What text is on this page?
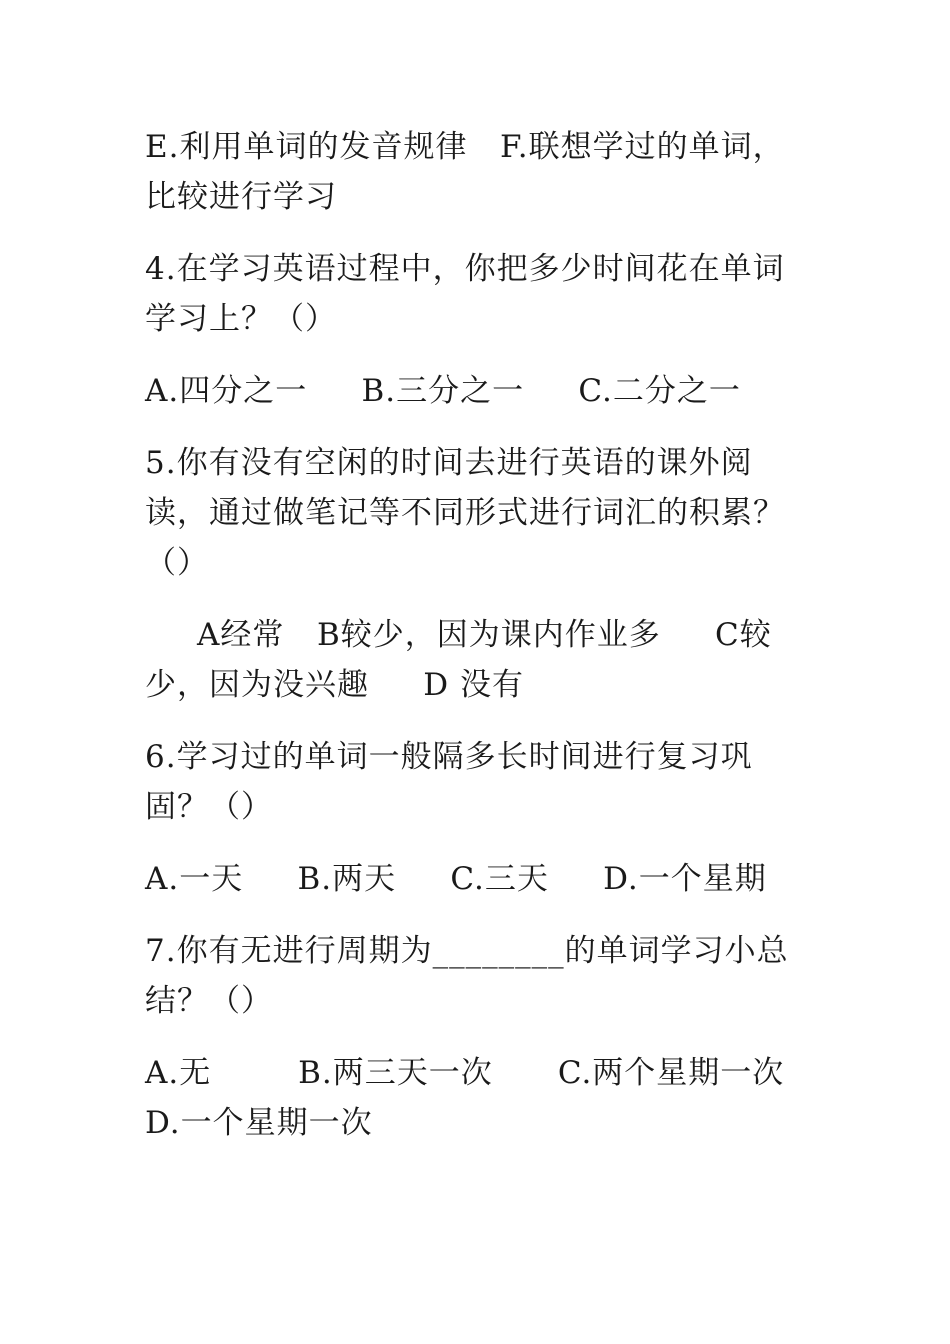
E.利用单词的发音规律   F.联想学过的单词，比较进行学习

4.在学习英语过程中，你把多少时间花在单词学习上？（）

A.四分之一     B.三分之一     C.二分之一

5.你有没有空闲的时间去进行英语的课外阅读，通过做笔记等不同形式进行词汇的积累？（）

A经常   B较少，因为课内作业多     C较少，因为没兴趣     D 没有

6.学习过的单词一般隔多长时间进行复习巩固？（）

A.一天     B.两天     C.三天     D.一个星期

7.你有无进行周期为________的单词学习小总结？（）

A.无        B.两三天一次      C.两个星期一次      D.一个星期一次
